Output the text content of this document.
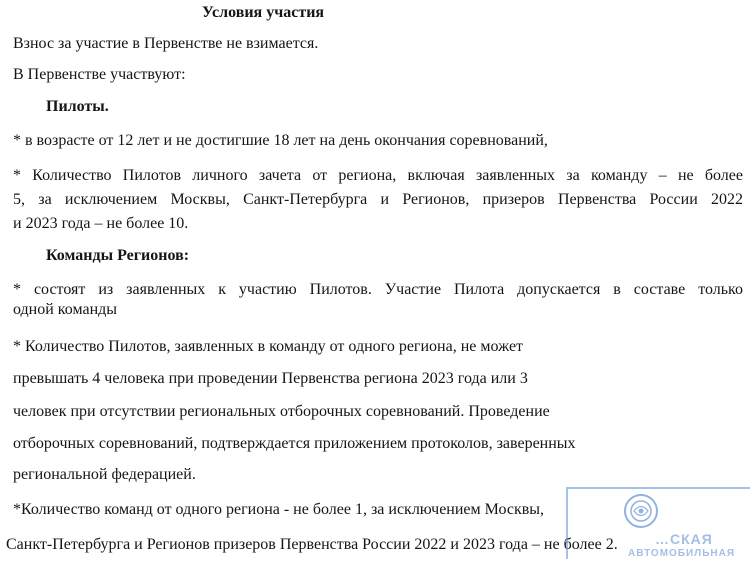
Условия участия
Взнос за участие в Первенстве не взимается.
В Первенстве участвуют:
Пилоты.
* в возрасте от 12 лет и не достигшие 18 лет на день окончания соревнований,
* Количество Пилотов личного зачета от региона, включая заявленных за команду – не более
5, за исключением Москвы, Санкт-Петербурга и Регионов, призеров Первенства России 2022
и 2023 года – не более 10.
Команды Регионов:
* состоят из заявленных к участию Пилотов. Участие Пилота допускается в составе только
одной команды
* Количество Пилотов, заявленных в команду от одного региона, не может
превышать 4 человека при проведении Первенства региона 2023 года или 3
человек при отсутствии региональных отборочных соревнований. Проведение
отборочных соревнований, подтверждается приложением протоколов, заверенных
региональной федерацией.
*Количество команд от одного региона - не более 1, за исключением Москвы,
Санкт-Петербурга и Регионов призеров Первенства России 2022 и 2023 года – не более 2.	…СКАЯ
АВТОМОБИЛЬНАЯ
